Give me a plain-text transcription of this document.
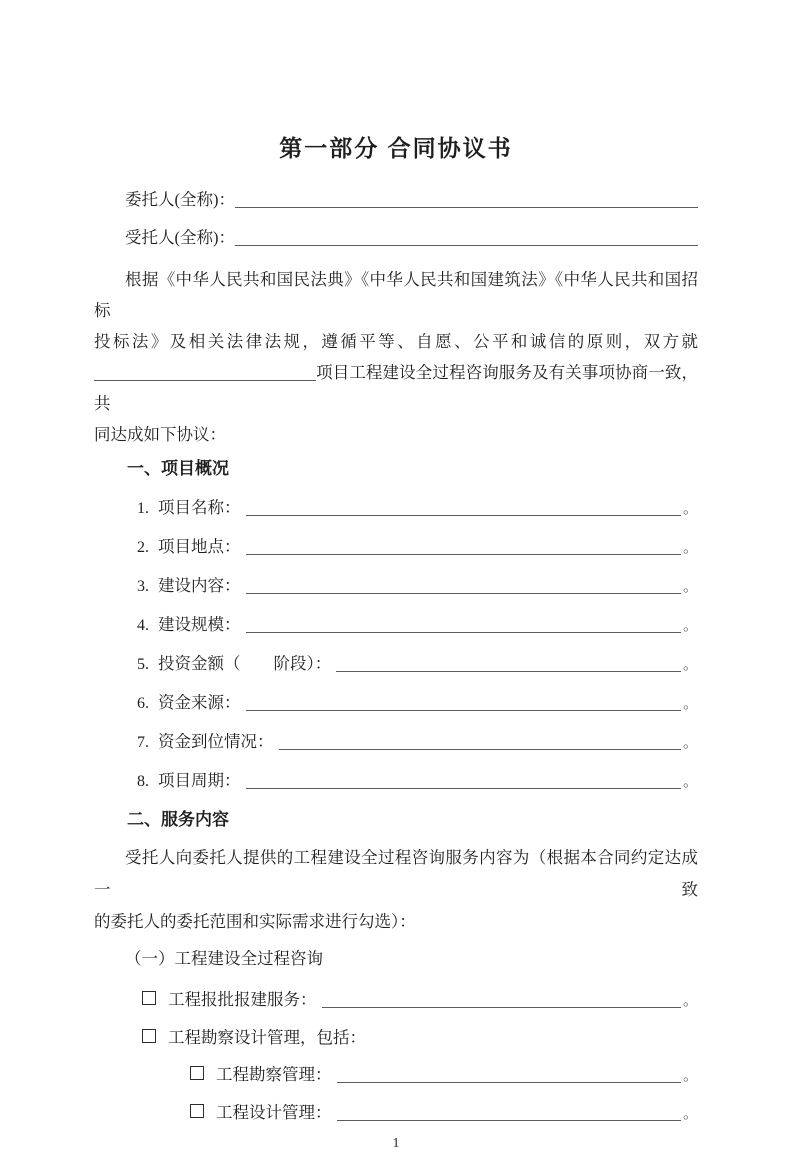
第一部分 合同协议书
委托人(全称)：
受托人(全称)：
根据《中华人民共和国民法典》《中华人民共和国建筑法》《中华人民共和国招标
投标法》及相关法律法规，遵循平等、自愿、公平和诚信的原则，双方就
项目工程建设全过程咨询服务及有关事项协商一致，共
同达成如下协议：
一、项目概况
1. 项目名称：	。
2. 项目地点：	。
3. 建设内容：	。
4. 建设规模：	。
5. 投资金额（　　阶段）：	。
6. 资金来源：	。
7. 资金到位情况：	。
8. 项目周期：	。
二、服务内容
受托人向委托人提供的工程建设全过程咨询服务内容为（根据本合同约定达成一致
的委托人的委托范围和实际需求进行勾选）：
（一）工程建设全过程咨询
工程报批报建服务：	。
工程勘察设计管理，包括：
工程勘察管理：	。
工程设计管理：	。
1
